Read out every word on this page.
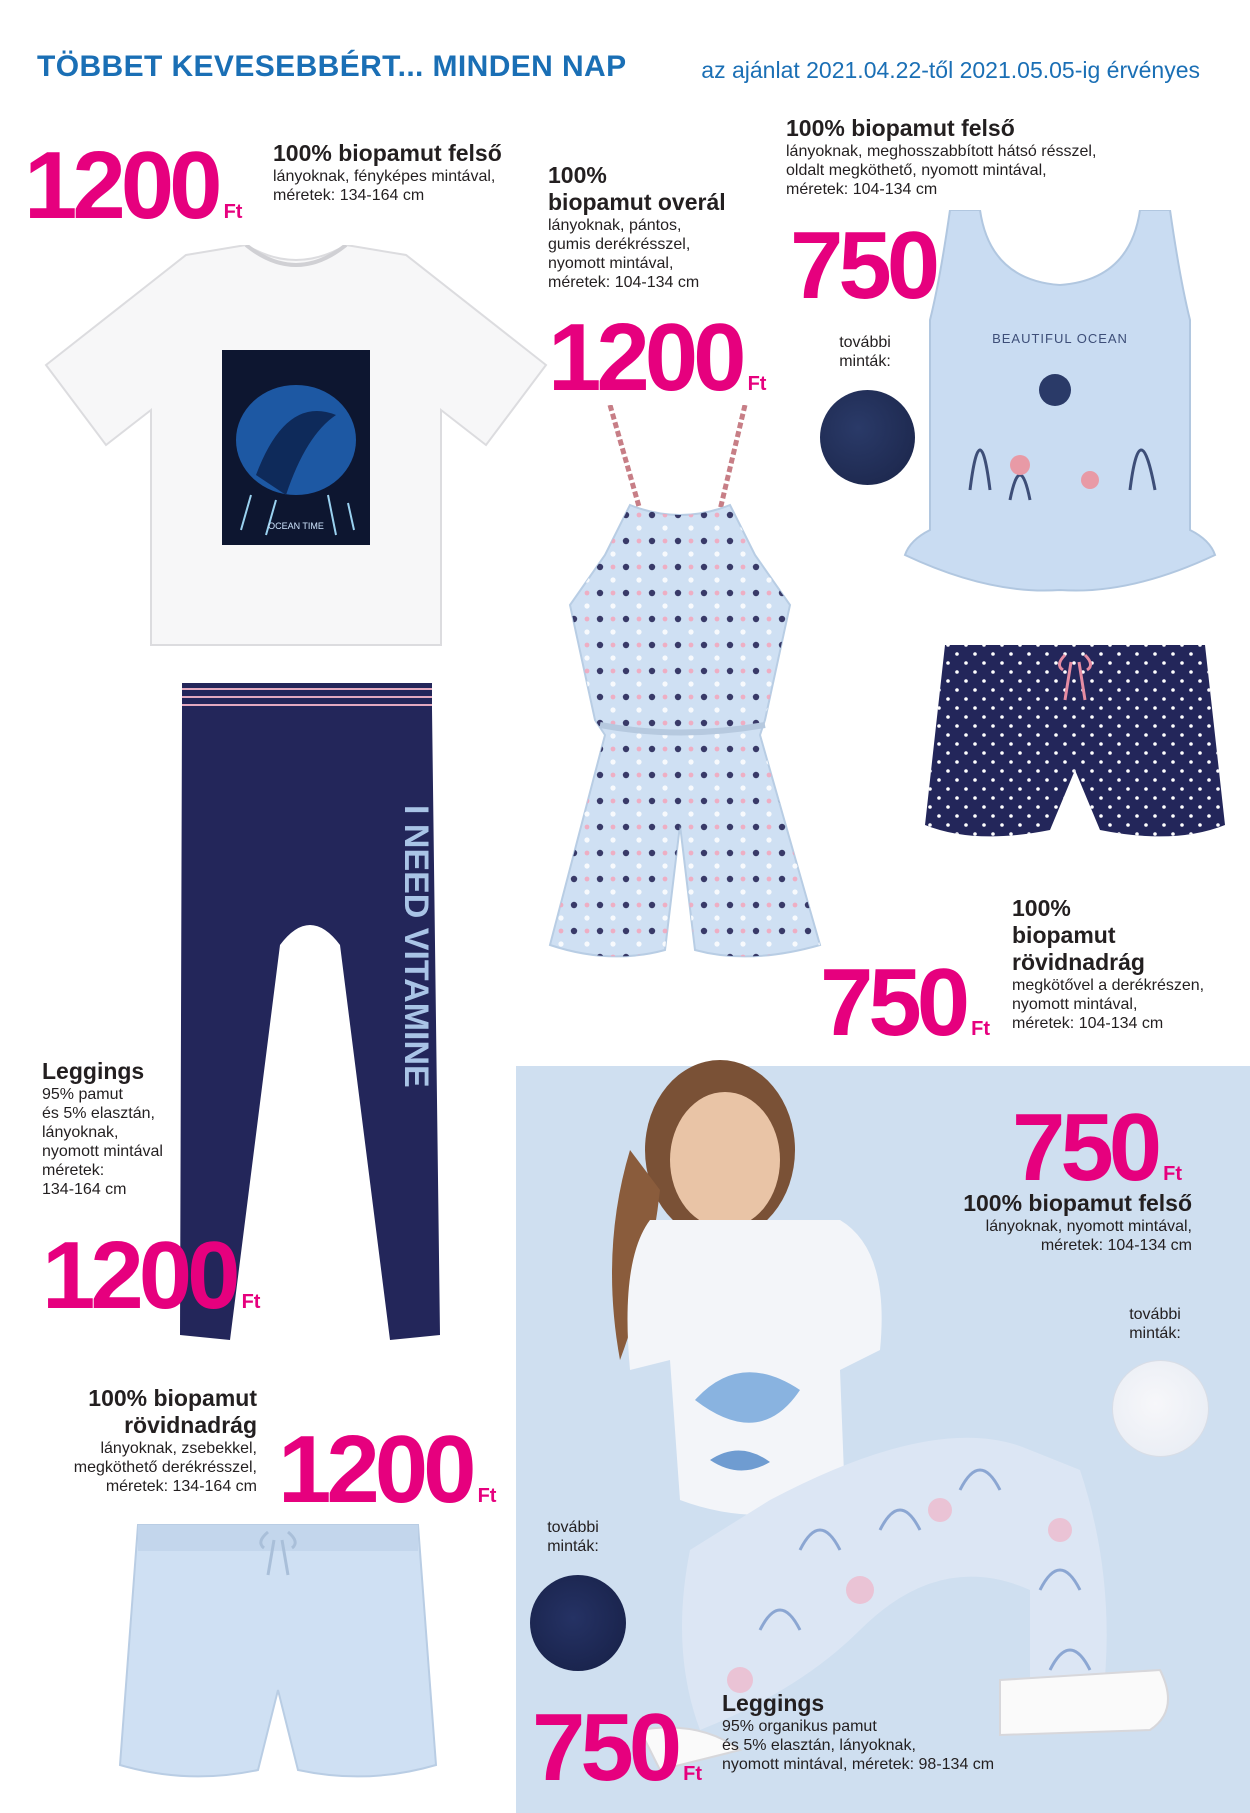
TÖBBET KEVESEBBÉRT... MINDEN NAP	az ajánlat 2021.04.22-től 2021.05.05-ig érvényes
1200 Ft
100% biopamut felső
lányoknak, fényképes mintával,
méretek: 134-164 cm
OCEAN TIME
100%
biopamut overál
lányoknak, pántos,
gumis derékrésszel,
nyomott mintával,
méretek: 104-134 cm
1200 Ft
100% biopamut felső
lányoknak, meghosszabbított hátsó résszel,
oldalt megköthető, nyomott mintával,
méretek: 104-134 cm
750
további
minták:
BEAUTIFUL OCEAN
750 Ft
100%
biopamut
rövidnadrág
megkötővel a derékrészen,
nyomott mintával,
méretek: 104-134 cm
I NEED VITAMINE
Leggings
95% pamut
és 5% elasztán,
lányoknak,
nyomott mintával
méretek:
134-164 cm
1200 Ft
750 Ft
100% biopamut felső
lányoknak, nyomott mintával,
méretek: 104-134 cm
további
minták:
100% biopamut
rövidnadrág
lányoknak, zsebekkel,
megköthető derékrésszel,
méretek: 134-164 cm 1200 Ft
további
minták:
750 Ft
Leggings
95% organikus pamut
és 5% elasztán, lányoknak,
nyomott mintával, méretek: 98-134 cm
